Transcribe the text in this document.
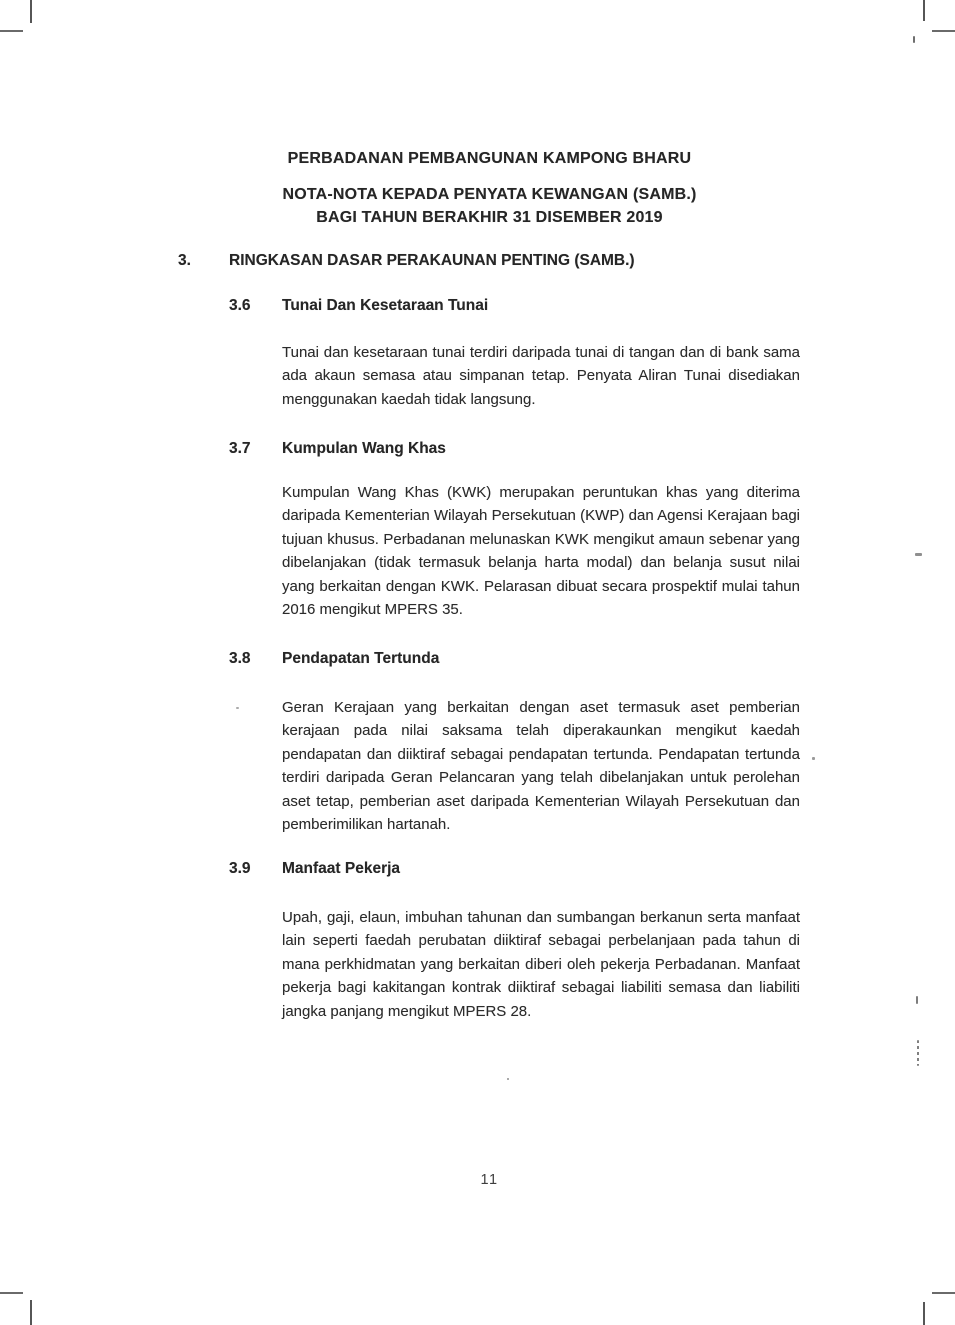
PERBADANAN PEMBANGUNAN KAMPONG BHARU
NOTA-NOTA KEPADA PENYATA KEWANGAN (SAMB.)
BAGI TAHUN BERAKHIR 31 DISEMBER 2019
3.	RINGKASAN DASAR PERAKAUNAN PENTING (SAMB.)
3.6	Tunai Dan Kesetaraan Tunai

Tunai dan kesetaraan tunai terdiri daripada tunai di tangan dan di bank sama ada akaun semasa atau simpanan tetap. Penyata Aliran Tunai disediakan menggunakan kaedah tidak langsung.

3.7	Kumpulan Wang Khas

Kumpulan Wang Khas (KWK) merupakan peruntukan khas yang diterima daripada Kementerian Wilayah Persekutuan (KWP) dan Agensi Kerajaan bagi tujuan khusus. Perbadanan melunaskan KWK mengikut amaun sebenar yang dibelanjakan (tidak termasuk belanja harta modal) dan belanja susut nilai yang berkaitan dengan KWK. Pelarasan dibuat secara prospektif mulai tahun 2016 mengikut MPERS 35.

3.8	Pendapatan Tertunda

Geran Kerajaan yang berkaitan dengan aset termasuk aset pemberian kerajaan pada nilai saksama telah diperakaunkan mengikut kaedah pendapatan dan diiktiraf sebagai pendapatan tertunda. Pendapatan tertunda terdiri daripada Geran Pelancaran yang telah dibelanjakan untuk perolehan aset tetap, pemberian aset daripada Kementerian Wilayah Persekutuan dan pemberimilikan hartanah.

3.9	Manfaat Pekerja

Upah, gaji, elaun, imbuhan tahunan dan sumbangan berkanun serta manfaat lain seperti faedah perubatan diiktiraf sebagai perbelanjaan pada tahun di mana perkhidmatan yang berkaitan diberi oleh pekerja Perbadanan. Manfaat pekerja bagi kakitangan kontrak diiktiraf sebagai liabiliti semasa dan liabiliti jangka panjang mengikut MPERS 28.

11
